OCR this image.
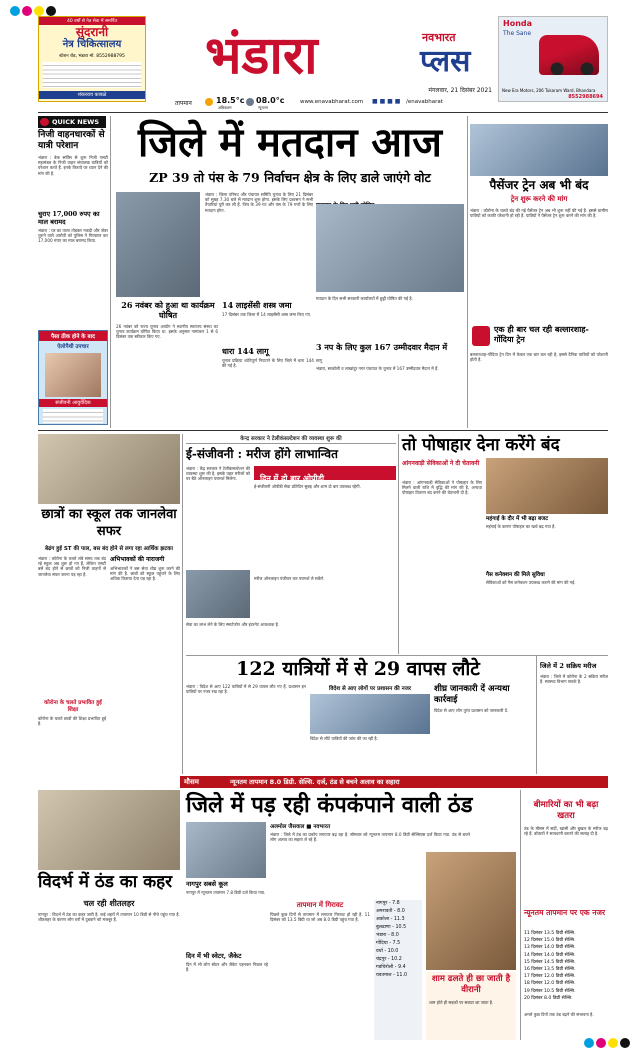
40 वर्षों से नेत्र सेवा में समर्पित
सुंदरानी
नेत्र चिकित्सालय
स्टेशन रोड, भंडारा मो. 8552988795
शंकरराव कावळे
भंडारा	नवभारत
प्लस
Honda
The Sane
New Era Motors, 206 Tukaram Ward, Bhandara
8552988694
तापमान	18.5°c
अधिकतम
08.0°c
न्यूनतम
www.enavabharat.com ■ ■ ■ ■ /enavabharat
मंगलवार, 21 दिसंबर 2021
QUICK NEWS
निजी वाहनधारकों से यात्री परेशान
भंडारा : बेक सर्विस से शुरू निजी एसटी महामंडल के निजी वाहन संचालक यात्रियों को परेशान करते हैं. इनके किराये पर ध्यान देने की मांग की है.
चुराए 17,000 रुपए का माल बरामद
भंडारा : घर का ताला तोड़कर नकदी और जेवर चुराने वाले आरोपी को पुलिस ने गिरफ्तार कर 17,000 रुपए का माल बरामद किया.
पैसा ठीक होने के बाद
ऐलोपैथी उपचार
संजीवनी आयुर्वेदिक
जिले में मतदान आज
ZP 39 तो पंस के 79 निर्वाचन क्षेत्र के लिए डाले जाएंगे वोट
भंडारा : जिला परिषद और पंचायत समिति चुनाव के लिए 21 दिसंबर को सुबह 7.30 बजे से मतदान शुरू होगा. इसके लिए प्रशासन ने सभी तैयारियां पूरी कर ली हैं. जिप के 39 गट और पंस के 79 गणों के लिए मतदान होगा.
26 नवंबर को हुआ था कार्यक्रम घोषित
26 नवंबर को राज्य चुनाव आयोग ने स्थानीय स्वराज्य संस्था का चुनाव कार्यक्रम घोषित किया था. इसके अनुसार नामांकन 1 से 6 दिसंबर तक स्वीकार किए गए.
14 लाइसेंसी शस्त्र जमा
17 दिसंबर तक जिला में 14 लाइसेंसी शस्त्र जमा किए गए.
धारा 144 लागू
चुनाव प्रक्रिया शांतिपूर्ण निपटाने के लिए जिले में धारा 144 लागू की गई है.
मतदान के दिन सभी सरकारी कार्यालयों में छुट्टी घोषित की गई है.
3 नप के लिए कुल 167 उम्मीदवार मैदान में
भंडारा, साकोली व लाखांदूर नगर पंचायत के चुनाव में 167 उम्मीदवार मैदान में हैं.
पैसेंजर ट्रेन अब भी बंद
ट्रेन शुरू करने की मांग
भंडारा : कोरोना के चलते बंद की गई पैसेंजर ट्रेन अब भी शुरू नहीं की गई है. इससे ग्रामीण यात्रियों को काफी परेशानी हो रही है. यात्रियों ने पैसेंजर ट्रेन शुरू करने की मांग की है.
एक ही बार चल रही बल्लारशाह-गोंदिया ट्रेन
बल्लारशाह-गोंदिया ट्रेन दिन में केवल एक बार चल रही है, इससे दैनिक यात्रियों को परेशानी होती है.
छात्रों का स्कूल तक जानलेवा सफर
बेढंग हुई ST की पाल, बस बंद होने से लगा रहा आर्थिक झटका
भंडारा : कोरोना के चलते लंबे समय तक बंद रहे स्कूल अब शुरू हो गए हैं, लेकिन एसटी बसें बंद होने से छात्रों को निजी वाहनों से जानलेवा सफर करना पड़ रहा है.
कोरोना के चलते प्रभावित हुई शिक्षा
कोरोना के चलते छात्रों की शिक्षा प्रभावित हुई है.
अभिभावकों की नाराजगी
अभिभावकों ने बस सेवा शीघ्र शुरू करने की मांग की है. छात्रों को स्कूल पहुंचने के लिए अधिक किराया देना पड़ रहा है.
केन्द्र सरकार ने टेलीकंसल्टेशन की व्यवस्था शुरू की
ई-संजीवनी : मरीज होंगे लाभान्वित
भंडारा : केंद्र सरकार ने टेलीकंसल्टेशन की व्यवस्था शुरू की है, इसके तहत मरीजों को घर बैठे ऑनलाइन परामर्श मिलेगा.	दिन में दो बार ओपीडी
ई-संजीवनी ओपीडी सेवा प्रतिदिन सुबह और शाम दो बार उपलब्ध रहेगी.
मरीज ऑनलाइन पंजीयन कर परामर्श ले सकेंगे.
सेवा का लाभ लेने के लिए स्मार्टफोन और इंटरनेट आवश्यक है.
तो पोषाहार देना करेंगे बंद
आंगनवाड़ी सेविकाओं ने दी चेतावनी
भंडारा : आंगनवाड़ी सेविकाओं ने पोषाहार के लिए मिलने वाली राशि में वृद्धि की मांग की है, अन्यथा पोषाहार वितरण बंद करने की चेतावनी दी है.
महंगाई के दौर में भी बढ़ा बजट
महंगाई के कारण पोषाहार का खर्च बढ़ गया है.
गैस कनेक्शन की मिले सुविधा
सेविकाओं को गैस कनेक्शन उपलब्ध कराने की मांग की गई.
122 यात्रियों में से 29 वापस लौटे
भंडारा : विदेश से आए 122 यात्रियों में से 29 वापस लौट गए हैं. प्रशासन इन यात्रियों पर नजर रख रहा है.	विदेश से आए लोगों पर प्रशासन की नजर
विदेश से लौटे यात्रियों की जांच की जा रही है.
शीघ्र जानकारी दें अन्यथा कार्रवाई
विदेश से आए लोग तुरंत प्रशासन को जानकारी दें.
जिले में 2 सक्रिय मरीज
भंडारा : जिले में कोरोना के 2 सक्रिय मरीज हैं. स्वास्थ्य विभाग सतर्क है.
मौसम	न्यूनतम तापमान 8.0 डिग्री. सेल्सि. दर्ज, ठंड से बचने अलाव का सहारा
विदर्भ में ठंड का कहर
चल रही शीतलहर
नागपुर : विदर्भ में ठंड का कहर जारी है. कई शहरों में तापमान 10 डिग्री से नीचे पहुंच गया है. शीतलहर के कारण लोग घरों में दुबकने को मजबूर हैं.
जिले में पड़ रही कंपकंपाने वाली ठंड
अलमोल जैसवाल ■ नवभारत
भंडारा : जिले में ठंड का प्रकोप लगातार बढ़ रहा है. सोमवार को न्यूनतम तापमान 8.0 डिग्री सेल्सियस दर्ज किया गया. ठंड से बचने लोग अलाव का सहारा ले रहे हैं.
नागपुर सबसे कूल
नागपुर में न्यूनतम तापमान 7.8 डिग्री दर्ज किया गया.
दिन में भी स्वेटर, जैकेट
दिन में भी लोग स्वेटर और जैकेट पहनकर निकल रहे हैं.
तापमान में गिरावट
पिछले कुछ दिनों से तापमान में लगातार गिरावट हो रही है. 11 दिसंबर को 13.5 डिग्री था जो अब 8.0 डिग्री पहुंच गया है.
नागपुर - 7.8
अमरावती - 8.0
अकोला - 11.3
बुलढाणा - 10.5
भंडारा - 8.0
गोंदिया - 7.5
वर्धा - 10.0
चंद्रपुर - 10.2
गडचिरोली - 9.4
यवतमाल - 11.0	शाम ढलते ही छा जाती है वीरानी
शाम होते ही सड़कों पर सन्नाटा छा जाता है.
बीमारियों का भी बढ़ा खतरा
ठंड के मौसम में सर्दी, खांसी और बुखार के मरीज बढ़ रहे हैं. डॉक्टरों ने सावधानी बरतने की सलाह दी है.
न्यूनतम तापमान पर एक नजर
11 दिसंबर 13.5 डिग्री सेल्सि.
12 दिसंबर 15.0 डिग्री सेल्सि.
13 दिसंबर 14.0 डिग्री सेल्सि.
14 दिसंबर 14.0 डिग्री सेल्सि.
15 दिसंबर 14.5 डिग्री सेल्सि.
16 दिसंबर 13.5 डिग्री सेल्सि.
17 दिसंबर 12.0 डिग्री सेल्सि.
18 दिसंबर 12.0 डिग्री सेल्सि.
19 दिसंबर 10.5 डिग्री सेल्सि.
20 दिसंबर 8.0 डिग्री सेल्सि.
अगले कुछ दिनों तक ठंड बढ़ने की संभावना है.
